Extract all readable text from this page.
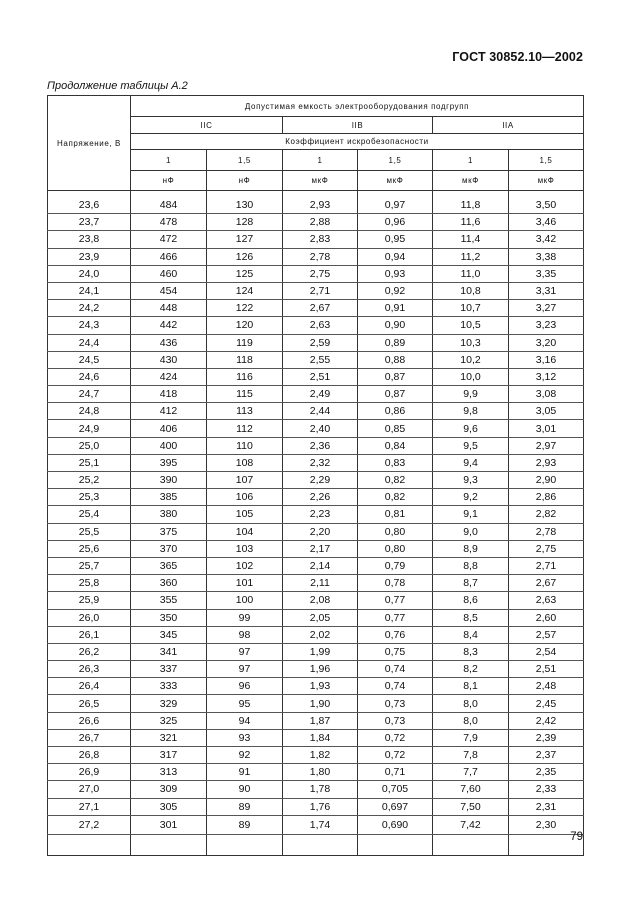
ГОСТ 30852.10—2002
Продолжение таблицы А.2
Напряжение, В	Допустимая емкость электрооборудования подгрупп					
	IIC		IIB		IIA	
	Коэффициент искробезопасности					
	1	1,5	1	1,5	1	1,5
	нФ	нФ	мкФ	мкФ	мкФ	мкФ

23,6	484	130	2,93	0,97	11,8	3,50
23,7	478	128	2,88	0,96	11,6	3,46
23,8	472	127	2,83	0,95	11,4	3,42
23,9	466	126	2,78	0,94	11,2	3,38
24,0	460	125	2,75	0,93	11,0	3,35
24,1	454	124	2,71	0,92	10,8	3,31
24,2	448	122	2,67	0,91	10,7	3,27
24,3	442	120	2,63	0,90	10,5	3,23
24,4	436	119	2,59	0,89	10,3	3,20
24,5	430	118	2,55	0,88	10,2	3,16
24,6	424	116	2,51	0,87	10,0	3,12
24,7	418	115	2,49	0,87	9,9	3,08
24,8	412	113	2,44	0,86	9,8	3,05
24,9	406	112	2,40	0,85	9,6	3,01
25,0	400	110	2,36	0,84	9,5	2,97
25,1	395	108	2,32	0,83	9,4	2,93
25,2	390	107	2,29	0,82	9,3	2,90
25,3	385	106	2,26	0,82	9,2	2,86
25,4	380	105	2,23	0,81	9,1	2,82
25,5	375	104	2,20	0,80	9,0	2,78
25,6	370	103	2,17	0,80	8,9	2,75
25,7	365	102	2,14	0,79	8,8	2,71
25,8	360	101	2,11	0,78	8,7	2,67
25,9	355	100	2,08	0,77	8,6	2,63
26,0	350	99	2,05	0,77	8,5	2,60
26,1	345	98	2,02	0,76	8,4	2,57
26,2	341	97	1,99	0,75	8,3	2,54
26,3	337	97	1,96	0,74	8,2	2,51
26,4	333	96	1,93	0,74	8,1	2,48
26,5	329	95	1,90	0,73	8,0	2,45
26,6	325	94	1,87	0,73	8,0	2,42
26,7	321	93	1,84	0,72	7,9	2,39
26,8	317	92	1,82	0,72	7,8	2,37
26,9	313	91	1,80	0,71	7,7	2,35
27,0	309	90	1,78	0,705	7,60	2,33
27,1	305	89	1,76	0,697	7,50	2,31
27,2	301	89	1,74	0,690	7,42	2,30

79
